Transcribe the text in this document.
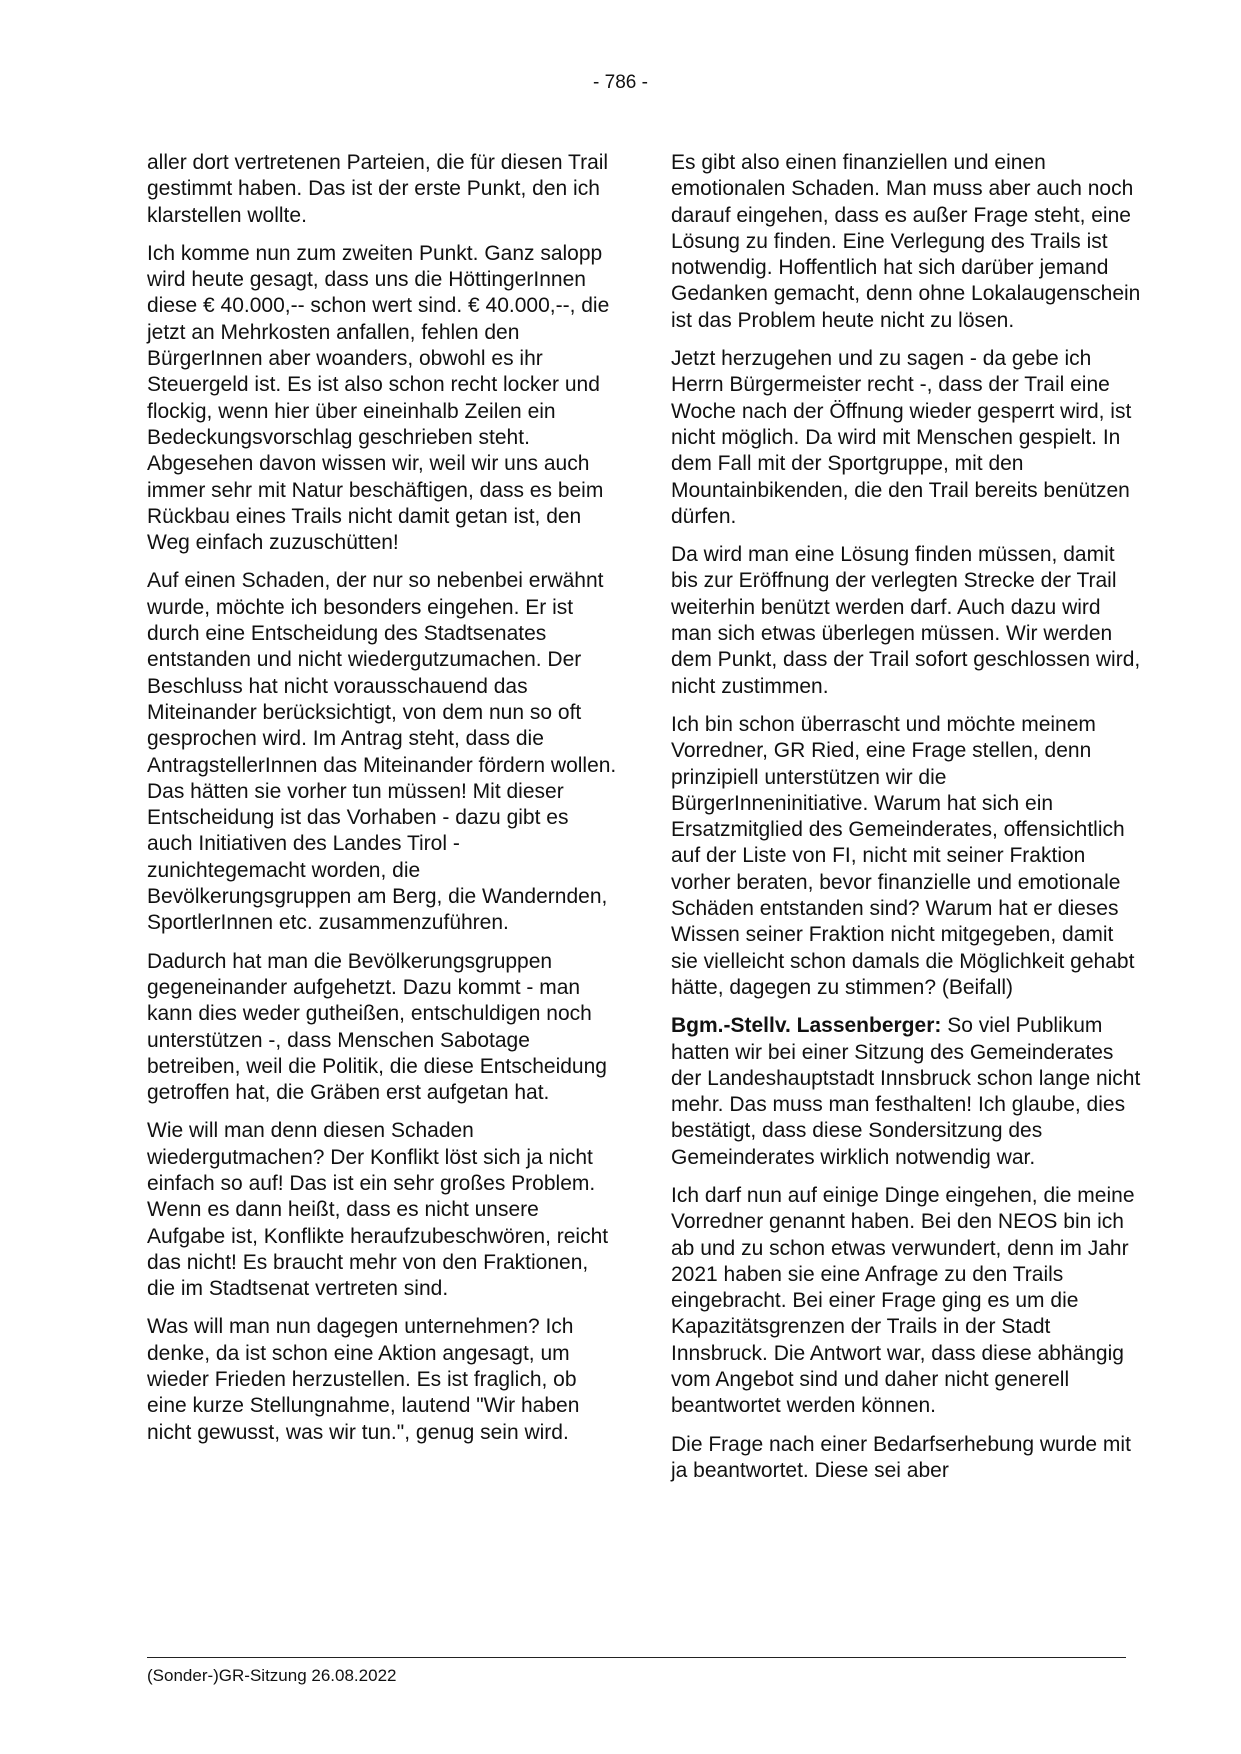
- 786 -

aller dort vertretenen Parteien, die für diesen Trail gestimmt haben. Das ist der erste Punkt, den ich klarstellen wollte.

Ich komme nun zum zweiten Punkt. Ganz salopp wird heute gesagt, dass uns die HöttingerInnen diese € 40.000,-- schon wert sind. € 40.000,--, die jetzt an Mehrkosten anfallen, fehlen den BürgerInnen aber woanders, obwohl es ihr Steuergeld ist. Es ist also schon recht locker und flockig, wenn hier über eineinhalb Zeilen ein Bedeckungsvorschlag geschrieben steht. Abgesehen davon wissen wir, weil wir uns auch immer sehr mit Natur beschäftigen, dass es beim Rückbau eines Trails nicht damit getan ist, den Weg einfach zuzuschütten!

Auf einen Schaden, der nur so nebenbei erwähnt wurde, möchte ich besonders eingehen. Er ist durch eine Entscheidung des Stadtsenates entstanden und nicht wiedergutzumachen. Der Beschluss hat nicht vorausschauend das Miteinander berücksichtigt, von dem nun so oft gesprochen wird. Im Antrag steht, dass die AntragstellerInnen das Miteinander fördern wollen. Das hätten sie vorher tun müssen! Mit dieser Entscheidung ist das Vorhaben - dazu gibt es auch Initiativen des Landes Tirol - zunichtegemacht worden, die Bevölkerungsgruppen am Berg, die Wandernden, SportlerInnen etc. zusammenzuführen.

Dadurch hat man die Bevölkerungsgruppen gegeneinander aufgehetzt. Dazu kommt - man kann dies weder gutheißen, entschuldigen noch unterstützen -, dass Menschen Sabotage betreiben, weil die Politik, die diese Entscheidung getroffen hat, die Gräben erst aufgetan hat.

Wie will man denn diesen Schaden wiedergutmachen? Der Konflikt löst sich ja nicht einfach so auf! Das ist ein sehr großes Problem. Wenn es dann heißt, dass es nicht unsere Aufgabe ist, Konflikte heraufzubeschwören, reicht das nicht! Es braucht mehr von den Fraktionen, die im Stadtsenat vertreten sind.

Was will man nun dagegen unternehmen? Ich denke, da ist schon eine Aktion angesagt, um wieder Frieden herzustellen. Es ist fraglich, ob eine kurze Stellungnahme, lautend "Wir haben nicht gewusst, was wir tun.", genug sein wird.

Es gibt also einen finanziellen und einen emotionalen Schaden. Man muss aber auch noch darauf eingehen, dass es außer Frage steht, eine Lösung zu finden. Eine Verlegung des Trails ist notwendig. Hoffentlich hat sich darüber jemand Gedanken gemacht, denn ohne Lokalaugenschein ist das Problem heute nicht zu lösen.

Jetzt herzugehen und zu sagen - da gebe ich Herrn Bürgermeister recht -, dass der Trail eine Woche nach der Öffnung wieder gesperrt wird, ist nicht möglich. Da wird mit Menschen gespielt. In dem Fall mit der Sportgruppe, mit den Mountainbikenden, die den Trail bereits benützen dürfen.

Da wird man eine Lösung finden müssen, damit bis zur Eröffnung der verlegten Strecke der Trail weiterhin benützt werden darf. Auch dazu wird man sich etwas überlegen müssen. Wir werden dem Punkt, dass der Trail sofort geschlossen wird, nicht zustimmen.

Ich bin schon überrascht und möchte meinem Vorredner, GR Ried, eine Frage stellen, denn prinzipiell unterstützen wir die BürgerInneninitiative. Warum hat sich ein Ersatzmitglied des Gemeinderates, offensichtlich auf der Liste von FI, nicht mit seiner Fraktion vorher beraten, bevor finanzielle und emotionale Schäden entstanden sind? Warum hat er dieses Wissen seiner Fraktion nicht mitgegeben, damit sie vielleicht schon damals die Möglichkeit gehabt hätte, dagegen zu stimmen? (Beifall)

Bgm.-Stellv. Lassenberger: So viel Publikum hatten wir bei einer Sitzung des Gemeinderates der Landeshauptstadt Innsbruck schon lange nicht mehr. Das muss man festhalten! Ich glaube, dies bestätigt, dass diese Sondersitzung des Gemeinderates wirklich notwendig war.

Ich darf nun auf einige Dinge eingehen, die meine Vorredner genannt haben. Bei den NEOS bin ich ab und zu schon etwas verwundert, denn im Jahr 2021 haben sie eine Anfrage zu den Trails eingebracht. Bei einer Frage ging es um die Kapazitätsgrenzen der Trails in der Stadt Innsbruck. Die Antwort war, dass diese abhängig vom Angebot sind und daher nicht generell beantwortet werden können.

Die Frage nach einer Bedarfserhebung wurde mit ja beantwortet. Diese sei aber

(Sonder-)GR-Sitzung 26.08.2022
